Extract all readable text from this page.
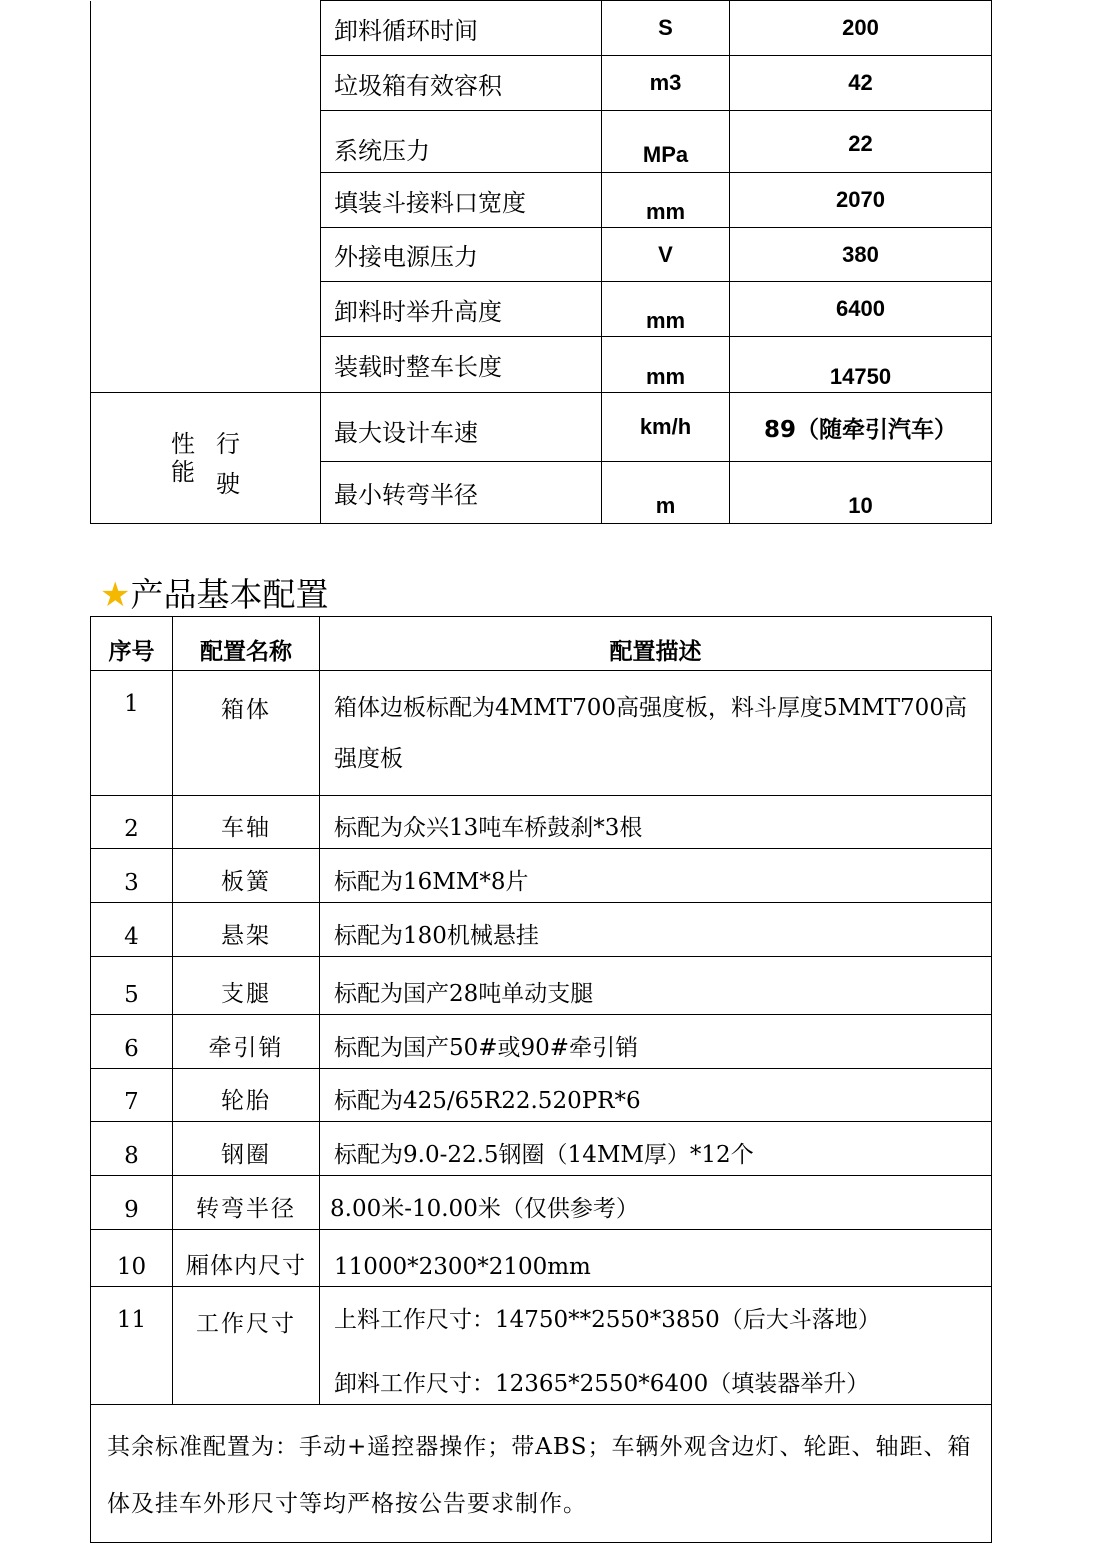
	卸料循环时间	S	200
	垃圾箱有效容积	m3	42
	系统压力	MPa	22
	填装斗接料口宽度	mm	2070
	外接电源压力	V	380
	卸料时举升高度	mm	6400
	装载时整车长度	mm	14750

性
能
行
驶	最大设计车速	km/h	89（随牵引汽车）
	最小转弯半径	m	10
★产品基本配置
序号	配置名称	配置描述
1	箱体	箱体边板标配为4MMT700高强度板，料斗厚度5MMT700高强度板
2	车轴	标配为众兴13吨车桥鼓刹*3根
3	板簧	标配为16MM*8片
4	悬架	标配为180机械悬挂
5	支腿	标配为国产28吨单动支腿
6	牵引销	标配为国产50#或90#牵引销
7	轮胎	标配为425/65R22.520PR*6
8	钢圈	标配为9.0-22.5钢圈（14MM厚）*12个
9	转弯半径	8.00米-10.00米（仅供参考）
10	厢体内尺寸	11000*2300*2100mm
11	工作尺寸	上料工作尺寸：14750**2550*3850（后大斗落地）
卸料工作尺寸：12365*2550*6400（填装器举升）

其余标准配置为：手动+遥控器操作；带ABS；车辆外观含边灯、轮距、轴距、箱体及挂车外形尺寸等均严格按公告要求制作。		
